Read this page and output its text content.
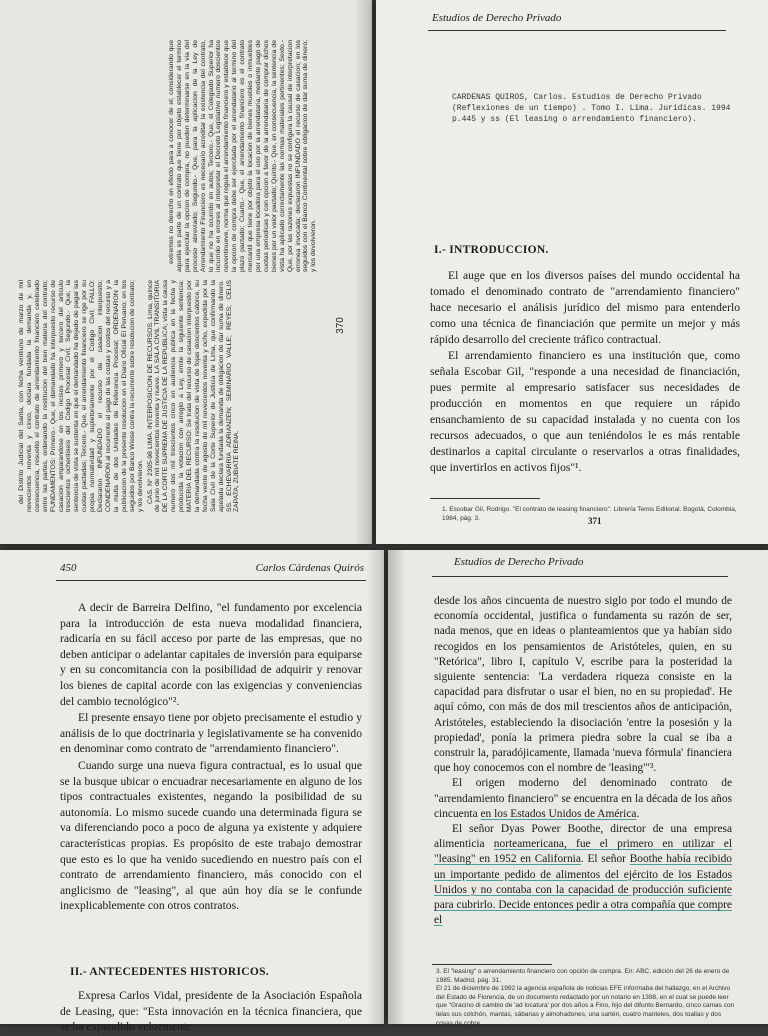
del Distrito Judicial del Santa, con fecha veintiuno de marzo de mil novecientos noventa y cinco, declara fundada la demanda y, en consecuencia, resuelto el contrato de arrendamiento financiero celebrado entre las partes, ordenando la restitucion del bien materia del contrato; FUNDAMENTOS: Primero.- Que, el demandado ha interpuesto recurso de casacion amparandose en los incisos primero y tercero del articulo trescientos ochentiseis del Codigo Procesal Civil; Segundo.- Que, la sentencia de vista se sustenta en que el demandado ha dejado de pagar las cuotas pactadas; Tercero.- Que, el arrendamiento financiero se rige por su propia normatividad y supletoriamente por el Codigo Civil; FALLO: Declararon INFUNDADO el recurso de casacion interpuesto; CONDENARON al recurrente al pago de las costas y costos del recurso y a la multa de dos Unidades de Referencia Procesal; ORDENARON la publicacion de la presente resolucion en el Diario Oficial El Peruano; en los seguidos por Banco Wiese contra la recurrente sobre resolucion de contrato; y los devolvieron. CAS. N° 2305-98 LIMA. INTERPOSICION DE RECURSOS. Lima, quince de junio de mil novecientos noventa y nueve. LA SALA CIVIL TRANSITORIA DE LA CORTE SUPREMA DE JUSTICIA DE LA REPUBLICA; vista la causa numero dos mil trescientos cinco en audiencia publica en la fecha y producida la votacion con arreglo a Ley, emite la siguiente sentencia: MATERIA DEL RECURSO: Se trata del recurso de casacion interpuesto por la demandada contra la resolucion de vista de fojas doscientos catorce, su fecha veinte de agosto de mil novecientos noventa y ocho, expedida por la Sala Civil de la Corte Superior de Justicia de Lima, que confirmando la apelada declara fundada la demanda de obligacion de dar suma de dinero. SS. ECHEVARRIA ADRIANZEN; SEMINARIO VALLE; REYES; CELIS ZAPATA; ZUBIATE REINA.

extremos no derecho en efecto para a conocer de el; considerando que aquella es parte de un contrato que tiene por objeto establecer el termino para ejercitar la opcion de compra, no pueden determinarse en la via del proceso abreviado; Segundo.- Que, para la aplicacion de la Ley de Arrendamiento Financiero es necesario acreditar la existencia del contrato, lo que no ha ocurrido en autos; Tercero.- Que, el Colegiado Superior ha incurrido en errores al interpretar el Decreto Legislativo numero doscientos noventinueve, norma que regula el arrendamiento financiero y establece que la opcion de compra debe ser ejercitada por el arrendatario al termino del plazo pactado; Cuarto.- Que, el arrendamiento financiero es el contrato mercantil que tiene por objeto la locacion de bienes muebles o inmuebles por una empresa locadora para el uso por la arrendataria, mediante pago de cuotas periodicas y con opcion a favor de la arrendataria de comprar dichos bienes por un valor pactado; Quinto.- Que, en consecuencia, la sentencia de vista ha aplicado correctamente las normas materiales pertinentes; Sexto.- Que, por las razones expuestas no se configura la causal de interpretacion erronea invocada; declararon INFUNDADO el recurso de casacion; en los seguidos con el Banco Continental sobre obligacion de dar suma de dinero; y los devolvieron.

370
Estudios de Derecho Privado
CARDENAS QUIROS, Carlos. Estudios de Derecho Privado (Reflexiones de un tiempo) . Tomo I. Lima. Juridicas. 1994 p.445 y ss (El leasing o arrendamiento financiero).
I.- INTRODUCCION.

El auge que en los diversos países del mundo occidental ha tomado el denominado contrato de "arrendamiento financiero" hace necesario el análisis jurídico del mismo para entenderlo como una técnica de financiación que permite un mejor y más rápido desarrollo del creciente tráfico contractual.

El arrendamiento financiero es una institución que, como señala Escobar Gil, "responde a una necesidad de financiación, pues permite al empresario satisfacer sus necesidades de producción en momentos en que requiere un rápido ensanchamiento de su capacidad instalada y no cuenta con los recursos adecuados, o que aun teniéndolos le es más rentable destinarlos a capital circulante o reservarlos a otras finalidades, que invertirlos en activos fijos"¹.

1. Escobar Gil, Rodrigo. "El contrato de leasing financiero". Librería Temis Editorial. Bogotá, Colombia, 1984, pág. 3.	371
450	Carlos Cárdenas Quirós

A decir de Barreira Delfino, "el fundamento por excelencia para la introducción de esta nueva modalidad financiera, radicaría en su fácil acceso por parte de las empresas, que no deben anticipar o adelantar capitales de inversión para equiparse y en su concomitancia con la posibilidad de adquirir y renovar los bienes de capital acorde con las exigencias y conveniencias del cambio tecnológico"².

El presente ensayo tiene por objeto precisamente el estudio y análisis de lo que doctrinaria y legislativamente se ha convenido en denominar como contrato de "arrendamiento financiero".

Cuando surge una nueva figura contractual, es lo usual que se la busque ubicar o encuadrar necesariamente en alguno de los tipos contractuales existentes, negando la posibilidad de su autonomía. Lo mismo sucede cuando una determinada figura se va diferenciando poco a poco de alguna ya existente y adquiere características propias. Es propósito de este trabajo demostrar que esto es lo que ha venido sucediendo en nuestro país con el contrato de arrendamiento financiero, más conocido con el anglicismo de "leasing", al que aún hoy día se le confunde inexplicablemente con otros contratos.

II.- ANTECEDENTES HISTORICOS.

Expresa Carlos Vidal, presidente de la Asociación Española de Leasing, que: "Esta innovación en la técnica financiera, que se ha expandido velozmente

Estudios de Derecho Privado

desde los años cincuenta de nuestro siglo por todo el mundo de economía occidental, justifica o fundamenta su razón de ser, nada menos, que en ideas o planteamientos que ya habían sido recogidos en los pensamientos de Aristóteles, quien, en su "Retórica", libro I, capítulo V, escribe para la posteridad la siguiente sentencia: 'La verdadera riqueza consiste en la capacidad para disfrutar o usar el bien, no en su propiedad'. He aquí cómo, con más de dos mil trescientos años de anticipación, Aristóteles, estableciendo la disociación 'entre la posesión y la propiedad', ponía la primera piedra sobre la cual se iba a construir la, paradójicamente, llamada 'nueva fórmula' financiera que hoy conocemos con el nombre de 'leasing'"³.

El origen moderno del denominado contrato de "arrendamiento financiero" se encuentra en la década de los años cincuenta en los Estados Unidos de América.

El señor Dyas Power Boothe, director de una empresa alimenticia norteamericana, fue el primero en utilizar el "leasing" en 1952 en California. El señor Boothe había recibido un importante pedido de alimentos del ejército de los Estados Unidos y no contaba con la capacidad de producción suficiente para cubrirlo. Decide entonces pedir a otra compañía que compre el

3. El "leasing" o arrendamiento financiero con opción de compra. En: ABC, edición del 26 de enero de 1985. Madrid, pág. 31.
El 21 de diciembre de 1992 la agencia española de noticias EFE informaba del hallazgo, en el Archivo del Estado de Florencia, de un documento redactado por un notario en 1398, en el cual se puede leer que "Gracino di cambio de 'ad locatura' por dos años a Fino, hijo del difunto Bernardo, cinco camas con telas sus colchón, mantas, sábanas y almohadones, una sartén, cuatro manteles, dos toallas y dos cosas de cobre
